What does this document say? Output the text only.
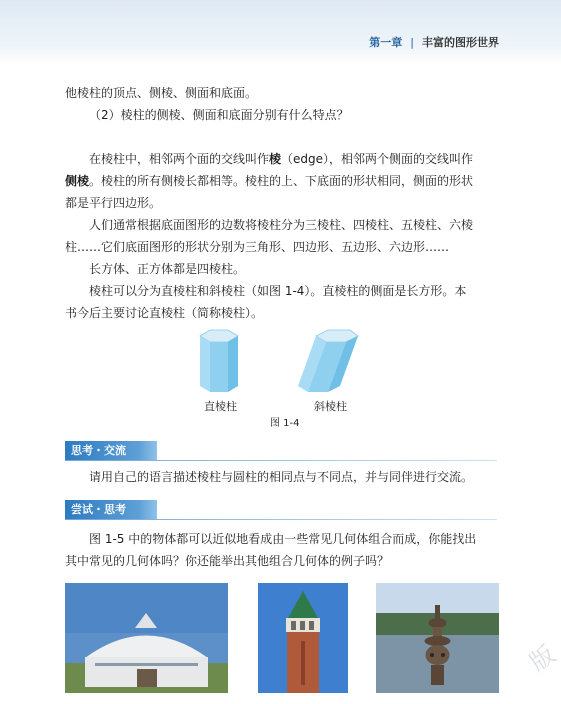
第一章 | 丰富的图形世界
他棱柱的顶点、侧棱、侧面和底面。
（2）棱柱的侧棱、侧面和底面分别有什么特点？
在棱柱中，相邻两个面的交线叫作棱（edge），相邻两个侧面的交线叫作
侧棱。棱柱的所有侧棱长都相等。棱柱的上、下底面的形状相同，侧面的形状
都是平行四边形。
人们通常根据底面图形的边数将棱柱分为三棱柱、四棱柱、五棱柱、六棱
柱……它们底面图形的形状分别为三角形、四边形、五边形、六边形……
长方体、正方体都是四棱柱。
棱柱可以分为直棱柱和斜棱柱（如图 1-4）。直棱柱的侧面是长方形。本
书今后主要讨论直棱柱（简称棱柱）。
直棱柱	斜棱柱
图 1-4
思考・交流
请用自己的语言描述棱柱与圆柱的相同点与不同点，并与同伴进行交流。
尝试・思考
图 1-5 中的物体都可以近似地看成由一些常见几何体组合而成，你能找出
其中常见的几何体吗？你还能举出其他组合几何体的例子吗？
版
